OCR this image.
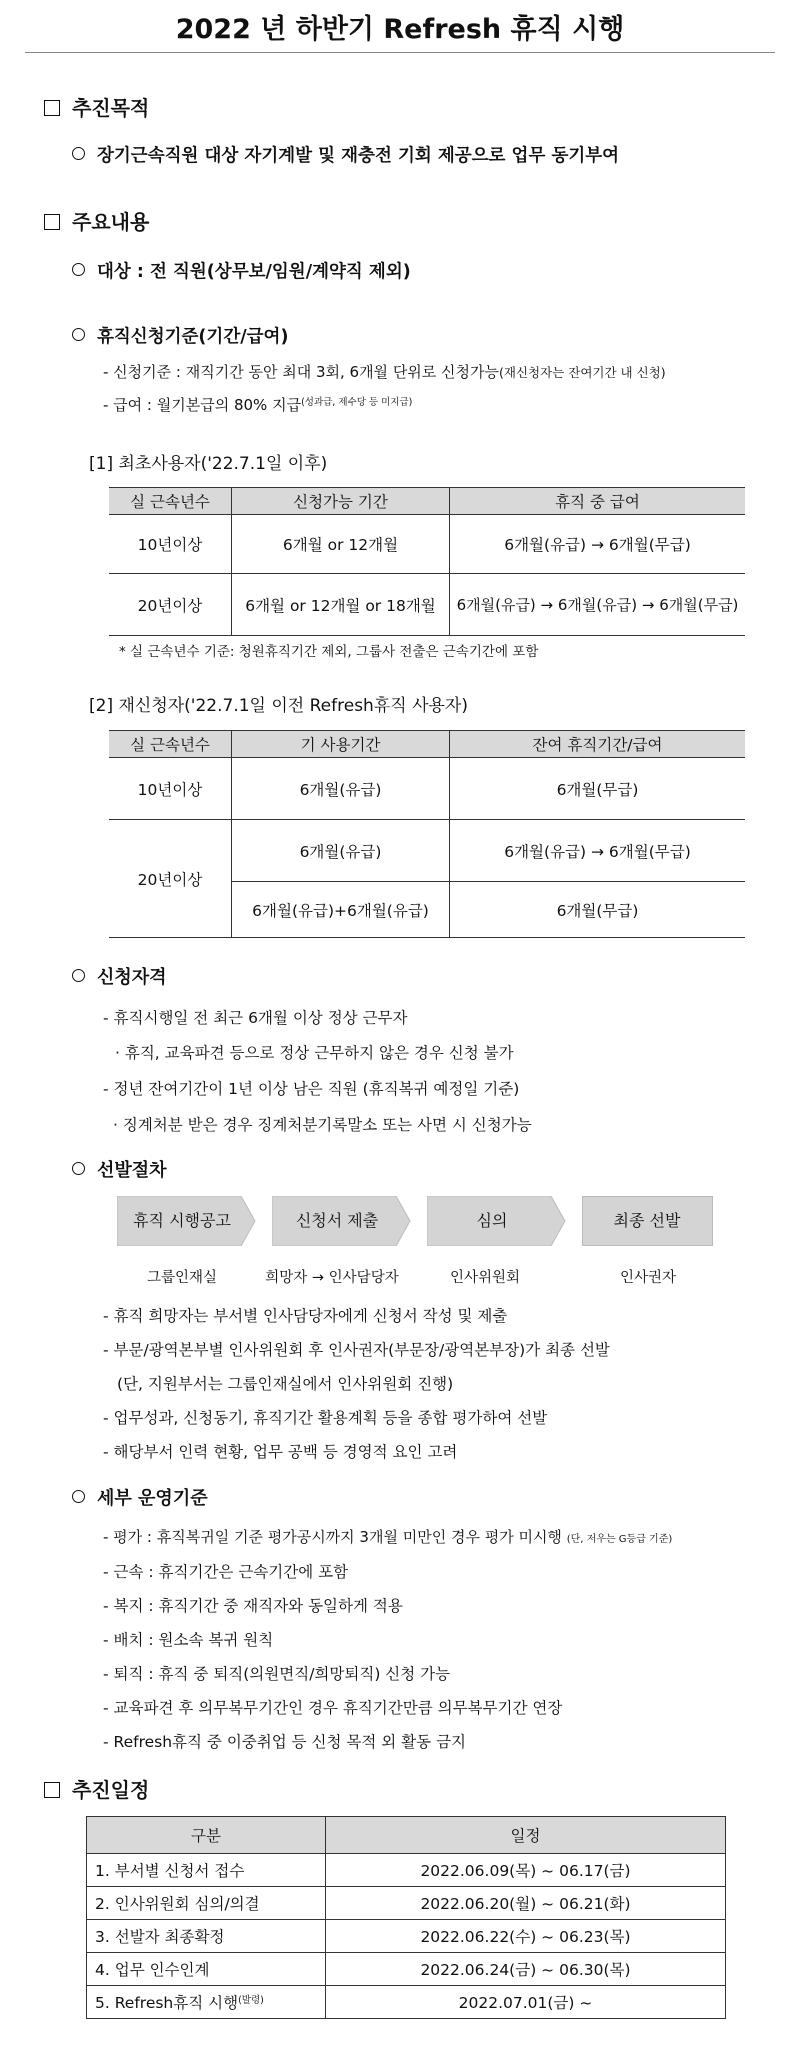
2022 년 하반기 Refresh 휴직 시행
추진목적
장기근속직원 대상 자기계발 및 재충전 기회 제공으로 업무 동기부여
주요내용
대상 : 전 직원(상무보/임원/계약직 제외)
휴직신청기준(기간/급여)
- 신청기준 : 재직기간 동안 최대 3회, 6개월 단위로 신청가능(재신청자는 잔여기간 내 신청)
- 급여 : 월기본급의 80% 지급$^{(성과급, 제수당 등 미지급)}$
[1] 최초사용자('22.7.1일 이후)
실 근속년수	신청가능 기간	휴직 중 급여
10년이상	6개월 or 12개월	6개월(유급) → 6개월(무급)
20년이상	6개월 or 12개월 or 18개월	6개월(유급) → 6개월(유급) → 6개월(무급)
* 실 근속년수 기준: 청원휴직기간 제외, 그룹사 전출은 근속기간에 포함
[2] 재신청자('22.7.1일 이전 Refresh휴직 사용자)
실 근속년수	기 사용기간	잔여 휴직기간/급여
10년이상	6개월(유급)	6개월(무급)
20년이상	6개월(유급)	6개월(유급) → 6개월(무급)
	6개월(유급)+6개월(유급)	6개월(무급)
신청자격
- 휴직시행일 전 최근 6개월 이상 정상 근무자
· 휴직, 교육파견 등으로 정상 근무하지 않은 경우 신청 불가
- 정년 잔여기간이 1년 이상 남은 직원 (휴직복귀 예정일 기준)
· 징계처분 받은 경우 징계처분기록말소 또는 사면 시 신청가능
선발절차
휴직 시행공고	신청서 제출	심의	최종 선발
그룹인재실	희망자 → 인사담당자	인사위원회	인사권자
- 휴직 희망자는 부서별 인사담당자에게 신청서 작성 및 제출
- 부문/광역본부별 인사위원회 후 인사권자(부문장/광역본부장)가 최종 선발
(단, 지원부서는 그룹인재실에서 인사위원회 진행)
- 업무성과, 신청동기, 휴직기간 활용계획 등을 종합 평가하여 선발
- 해당부서 인력 현황, 업무 공백 등 경영적 요인 고려
세부 운영기준
- 평가 : 휴직복귀일 기준 평가공시까지 3개월 미만인 경우 평가 미시행 (단, 저우는 G등급 기준)
- 근속 : 휴직기간은 근속기간에 포함
- 복지 : 휴직기간 중 재직자와 동일하게 적용
- 배치 : 원소속 복귀 원칙
- 퇴직 : 휴직 중 퇴직(의원면직/희망퇴직) 신청 가능
- 교육파견 후 의무복무기간인 경우 휴직기간만큼 의무복무기간 연장
- Refresh휴직 중 이중취업 등 신청 목적 외 활동 금지
추진일정
구분	일정
1. 부서별 신청서 접수	2022.06.09(목) ~ 06.17(금)
2. 인사위원회 심의/의결	2022.06.20(월) ~ 06.21(화)
3. 선발자 최종확정	2022.06.22(수) ~ 06.23(목)
4. 업무 인수인계	2022.06.24(금) ~ 06.30(목)
5. Refresh휴직 시행$^{(발령)}$	2022.07.01(금) ~
